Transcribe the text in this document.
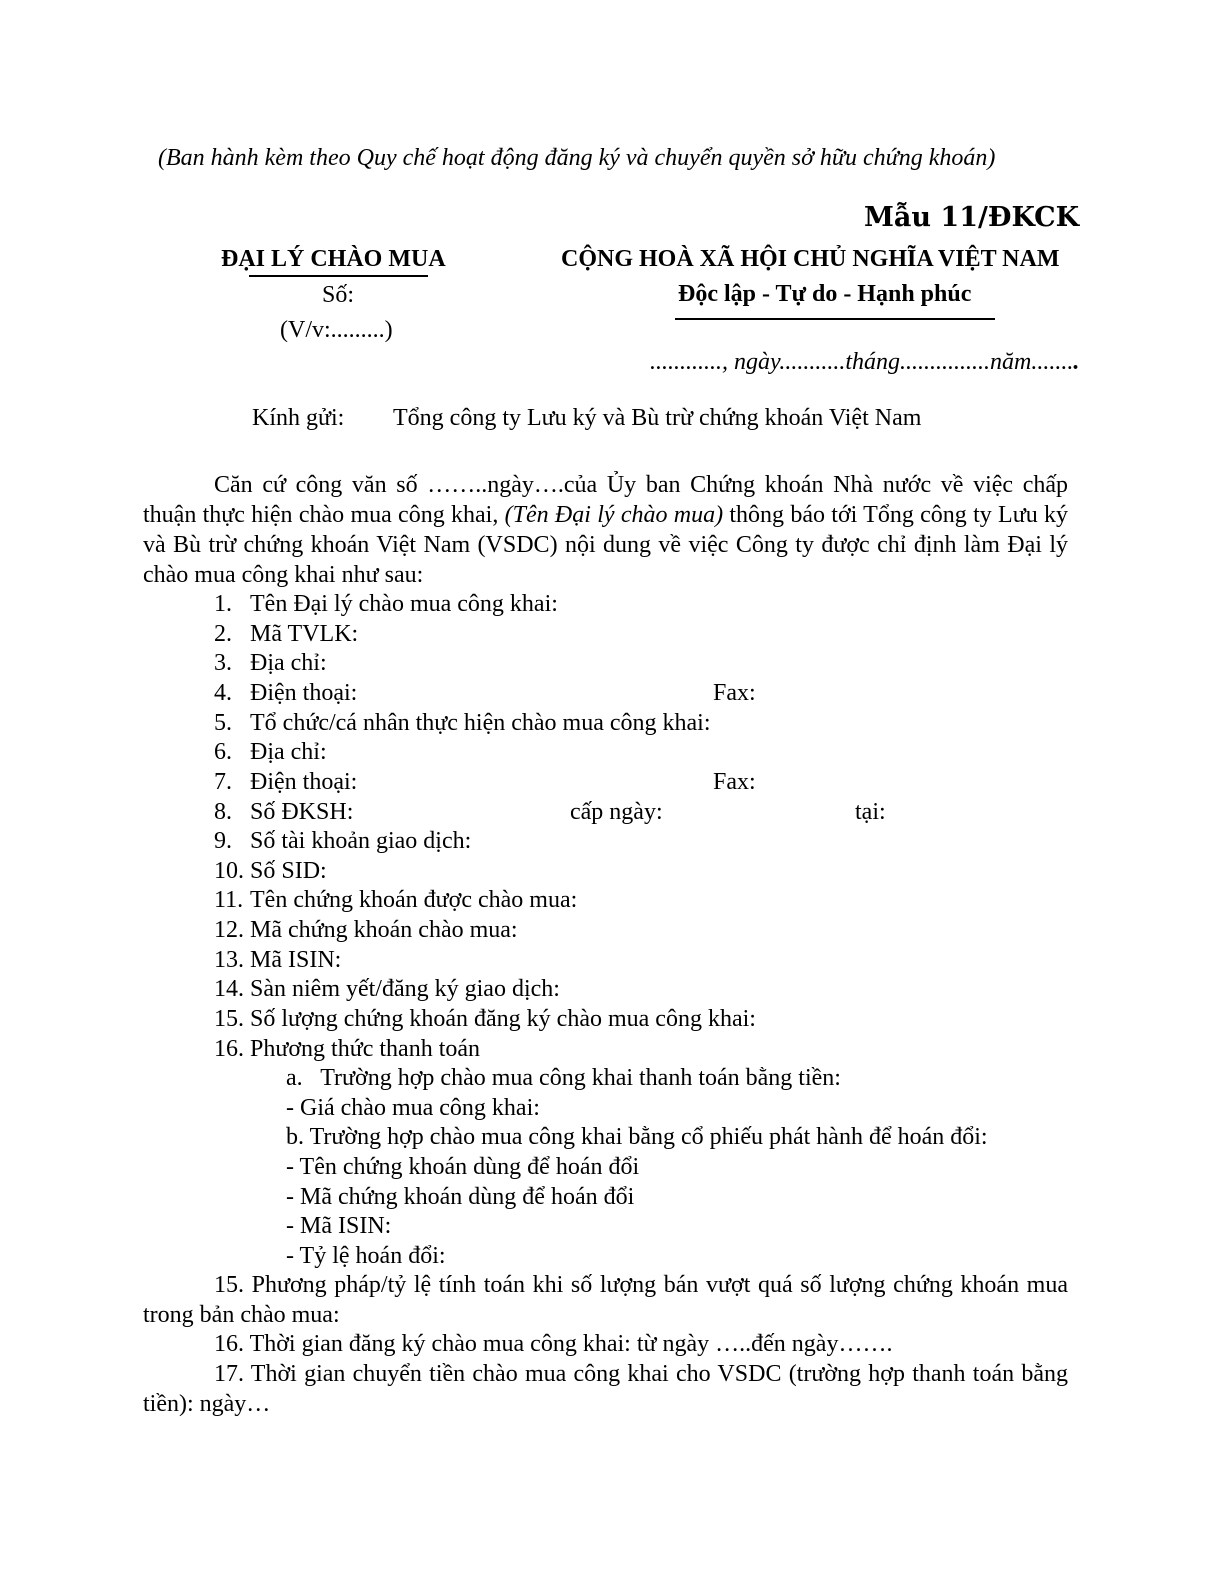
(Ban hành kèm theo Quy chế hoạt động đăng ký và chuyển quyền sở hữu chứng khoán)
Mẫu 11/ĐKCK
ĐẠI LÝ CHÀO MUA
Số:
(V/v:.........)
CỘNG HOÀ XÃ HỘI CHỦ NGHĨA VIỆT NAM
Độc lập - Tự do - Hạnh phúc
............, ngày...........tháng...............năm........
Kính gửi: Tổng công ty Lưu ký và Bù trừ chứng khoán Việt Nam
Căn cứ công văn số ……..ngày….của Ủy ban Chứng khoán Nhà nước về việc chấp thuận thực hiện chào mua công khai, (Tên Đại lý chào mua) thông báo tới Tổng công ty Lưu ký và Bù trừ chứng khoán Việt Nam (VSDC) nội dung về việc Công ty được chỉ định làm Đại lý chào mua công khai như sau:
1. Tên Đại lý chào mua công khai:
2. Mã TVLK:
3. Địa chỉ:
4. Điện thoại:	Fax:
5. Tổ chức/cá nhân thực hiện chào mua công khai:
6. Địa chỉ:
7. Điện thoại:	Fax:
8. Số ĐKSH:	cấp ngày:	tại:
9. Số tài khoản giao dịch:
10. Số SID:
11. Tên chứng khoán được chào mua:
12. Mã chứng khoán chào mua:
13. Mã ISIN:
14. Sàn niêm yết/đăng ký giao dịch:
15. Số lượng chứng khoán đăng ký chào mua công khai:
16. Phương thức thanh toán
a.   Trường hợp chào mua công khai thanh toán bằng tiền:
- Giá chào mua công khai:
b. Trường hợp chào mua công khai bằng cổ phiếu phát hành để hoán đổi:
- Tên chứng khoán dùng để hoán đổi
- Mã chứng khoán dùng để hoán đổi
- Mã ISIN:
- Tỷ lệ hoán đổi:
15. Phương pháp/tỷ lệ tính toán khi số lượng bán vượt quá số lượng chứng khoán mua trong bản chào mua:
16. Thời gian đăng ký chào mua công khai: từ ngày …..đến ngày…….
17. Thời gian chuyển tiền chào mua công khai cho VSDC (trường hợp thanh toán bằng tiền): ngày…
